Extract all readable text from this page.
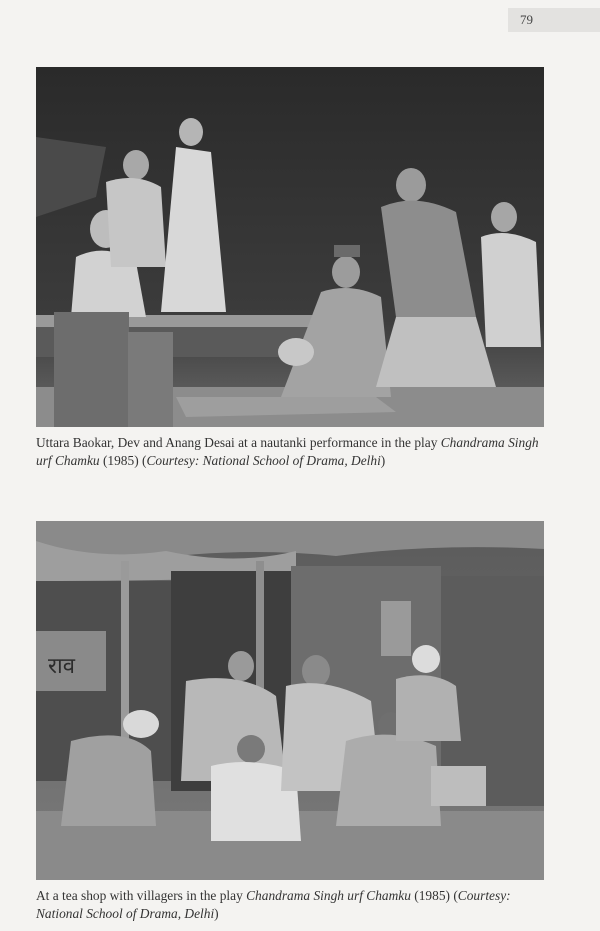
79
Uttara Baokar, Dev and Anang Desai at a nautanki performance in the play Chandrama Singh urf Chamku (1985) (Courtesy: National School of Drama, Delhi)
राव
At a tea shop with villagers in the play Chandrama Singh urf Chamku (1985) (Courtesy: National School of Drama, Delhi)
